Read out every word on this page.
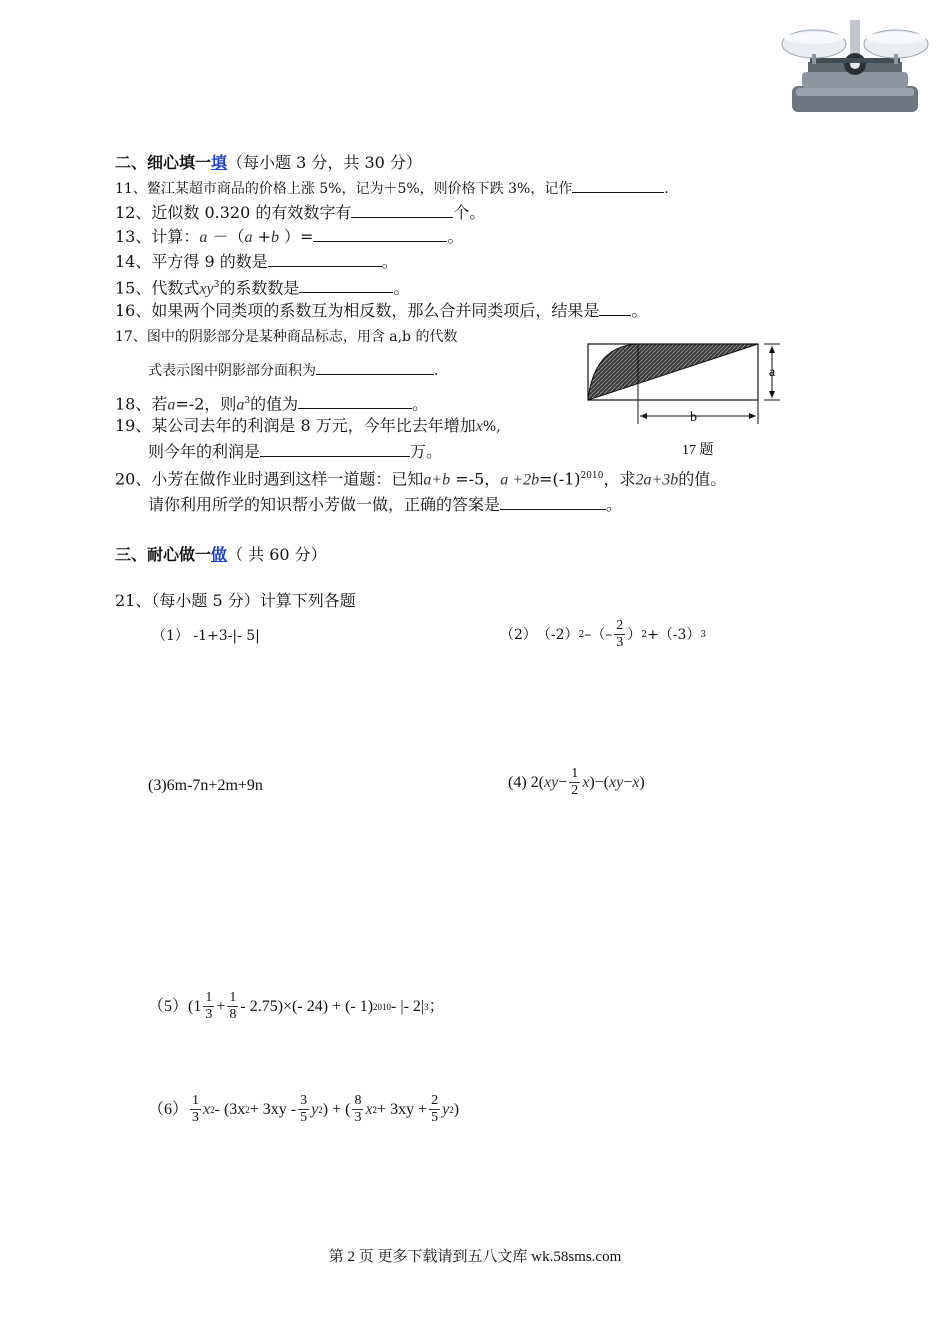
二、细心填一填（每小题 3 分，共 30 分）
11、鳌江某超市商品的价格上涨 5%，记为＋5%，则价格下跌 3%，记作	.
12、近似数 0.320 的有效数字有	个。
13、计算：a －（a +b ）=	。
14、平方得 9 的数是	。
15、代数式$xy^3$的系数数是	。
16、如果两个同类项的系数互为相反数，那么合并同类项后，结果是 。
17、图中的阴影部分是某种商品标志，用含 a,b 的代数
式表示图中阴影部分面积为	.	a
b
17 题
18、若a=-2，则$a^3$的值为	。
19、某公司去年的利润是 8 万元，今年比去年增加x%,
则今年的利润是	万。
20、小芳在做作业时遇到这样一道题：已知a+b =-5，$a +2b=(-1)^{2010}$，求2a+3b的值。
请你利用所学的知识帮小芳做一做，正确的答案是	。
三、耐心做一做（ 共 60 分）
21、（每小题 5 分）计算下列各题
（1） -1+3-|- 5|	（2） （-2） 2 –（– $\frac{2}{3}$ ） 2 +（-3） 3
(3)6m-7n+2m+9n	(4) 2( xy − $\frac{1}{2}$ x )−( xy − x )
（5） $(1 \frac{1}{3} + \frac{1}{8} - 2.75)\times(-$ 24) + (- 1) 2010 - |- 2| 3 ；
$(6) \frac{1}{3}$ x 2 - (3x $2 + 3xy - \frac{3}{5}$ y 2 ) + ( $\frac{8}{3}$ x $2 + 3xy + \frac{2}{5}$ y 2 )
第 2 页 更多下载请到五八文库 wk.58sms.com
